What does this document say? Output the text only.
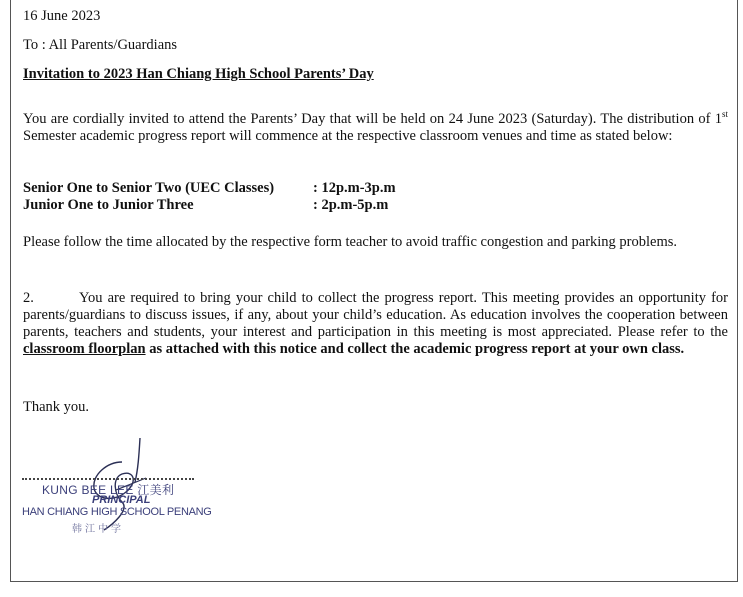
16 June 2023
To : All Parents/Guardians
Invitation to 2023 Han Chiang High School Parents’ Day
You are cordially invited to attend the Parents’ Day that will be held on 24 June 2023 (Saturday). The distribution of 1st Semester academic progress report will commence at the respective classroom venues and time as stated below:
Senior One to Senior Two (UEC Classes)	: 12p.m-3p.m
Junior One to Junior Three	: 2p.m-5p.m
Please follow the time allocated by the respective form teacher to avoid traffic congestion and parking problems.
2.	You are required to bring your child to collect the progress report. This meeting provides an opportunity for parents/guardians to discuss issues, if any, about your child’s education. As education involves the cooperation between parents, teachers and students, your interest and participation in this meeting is most appreciated. Please refer to the classroom floorplan as attached with this notice and collect the academic progress report at your own class.
Thank you.
KUNG BEE LEE 江美利
PRINCIPAL
HAN CHIANG HIGH SCHOOL PENANG
韩江中学
